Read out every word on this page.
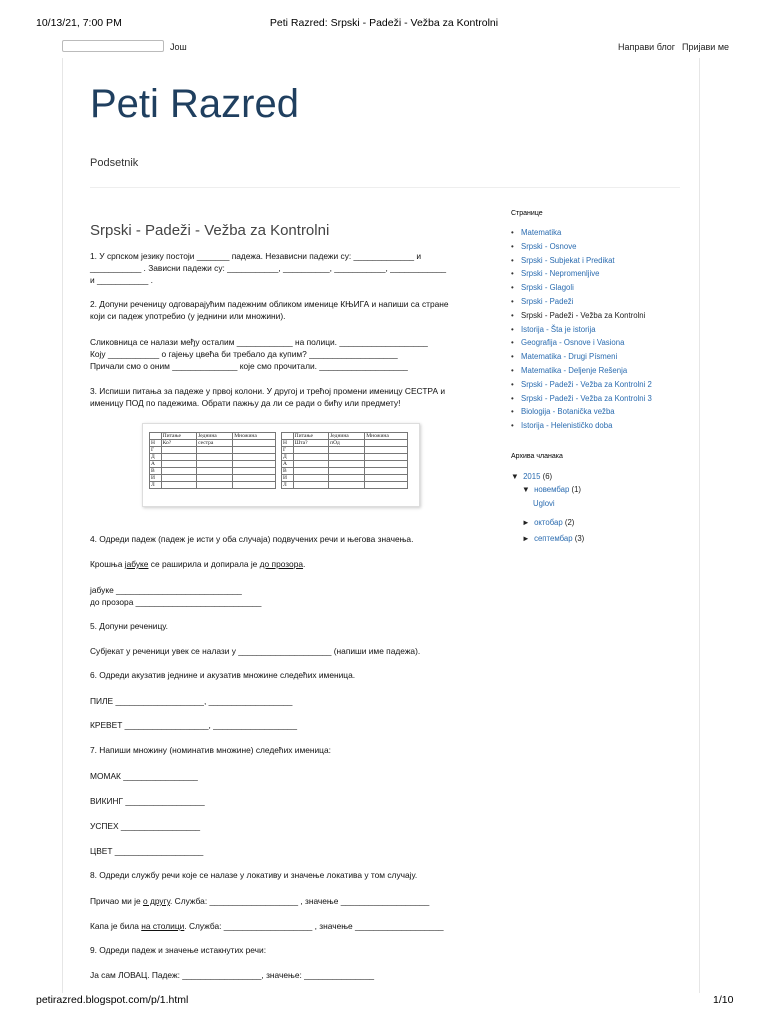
10/13/21, 7:00 PM	Peti Razred: Srpski - Padeži - Vežba za Kontrolni
Још	Направи блог Пријави ме
Peti Razred
Podsetnik
Srpski - Padeži - Vežba za Kontrolni

1. У српском језику постоји _______ падежа. Независни падежи су: _____________ и

___________ . Зависни падежи су: ___________, __________, ___________, ____________

и ___________ .

2. Допуни реченицу одговарајућим падежним обликом именице КЊИГА и напиши са стране

који си падеж употребио (у једнини или множини).

Сликовница се налази међу осталим ____________ на полици. ___________________

Коју ___________ о гајењу цвећа би требало да купим? ___________________

Причали смо о оним ______________ које смо прочитали. ___________________

3. Испиши питања за падеже у првој колони. У другој и трећој промени именицу СЕСТРА и

именицу ПОД по падежима. Обрати пажњу да ли се ради о бићу или предмету!

4. Одреди падеж (падеж је исти у оба случаја) подвучених речи и његова значења.

Крошња јабуке се раширила и допирала је до прозора.

јабуке ___________________________

до прозора ___________________________

5. Допуни реченицу.

Субјекат у реченици увек се налази у ____________________ (напиши име падежа).

6. Одреди акузатив једнине и акузатив множине следећих именица.

ПИЛЕ ___________________, __________________

КРЕВЕТ __________________, __________________

7. Напиши множину (номинатив множине) следећих именица:

МОМАК ________________

ВИКИНГ _________________

УСПЕХ _________________

ЦВЕТ ___________________

8. Одреди службу речи које се налазе у локативу и значење локатива у том случају.

Причао ми је о другу. Служба: ___________________ , значење ___________________

Капа је била на столици. Служба: ___________________ , значење ___________________

9. Одреди падеж и значење истакнутих речи:

Ја сам ЛОВАЦ. Падеж: _________________, значење: _______________

	Питање	Једнина	Множина
Н	Ко?	сестра	
Г			
Д			
А			
В			
И			
Л			
	Питање	Једнина	Множина
Н	Шта?	пОд	
Г			
Д			
А			
В			
И			
Л			
Странице
• Matematika
• Srpski - Osnove
• Srpski - Subjekat i Predikat
• Srpski - Nepromenljive
• Srpski - Glagoli
• Srpski - Padeži
• Srpski - Padeži - Vežba za Kontrolni
• Istorija - Šta je istorija
• Geografija - Osnove i Vasiona
• Matematika - Drugi Písmeni
• Matematika - Deljenje Rešenja
• Srpski - Padeži - Vežba za Kontrolni 2
• Srpski - Padeži - Vežba za Kontrolni 3
• Biologija - Botanička vežba
• Istorija - Helenističko doba
Архива чланака
▼ 2015 (6)
▼ новембар (1)
Uglovi
► октобар (2)
► септембар (3)
petirazred.blogspot.com/p/1.html	1/10
